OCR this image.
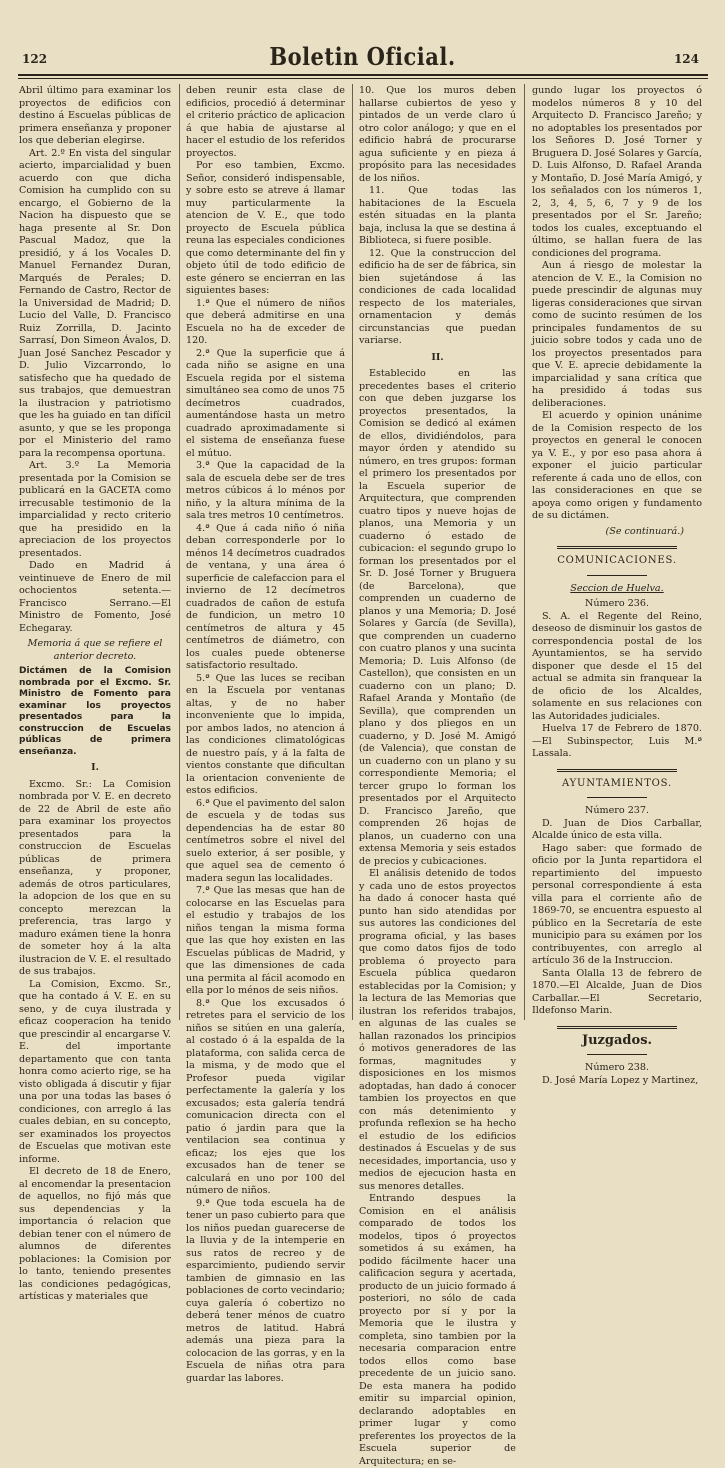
122	Boletin Oficial.	124

Abril último para examinar los proyectos de edificios con destino á Escuelas públicas de primera enseñanza y proponer los que deberian elegirse.

Art. 2.º En vista del singular acierto, imparcialidad y buen acuerdo con que dicha Comision ha cumplido con su encargo, el Gobierno de la Nacion ha dispuesto que se haga presente al Sr. Don Pascual Madoz, que la presidió, y á los Vocales D. Manuel Fernandez Duran, Marqués de Perales; D. Fernando de Castro, Rector de la Universidad de Madrid; D. Lucio del Valle, D. Francisco Ruiz Zorrilla, D. Jacinto Sarrasí, Don Simeon Ávalos, D. Juan José Sanchez Pescador y D. Julio Vizcarrondo, lo satisfecho que ha quedado de sus trabajos, que demuestran la ilustracion y patriotismo que les ha guiado en tan difícil asunto, y que se les proponga por el Ministerio del ramo para la recompensa oportuna.

Art. 3.º La Memoria presentada por la Comision se publicará en la GACETA como irrecusable testimonio de la imparcialidad y recto criterio que ha presidido en la apreciacion de los proyectos presentados.

Dado en Madrid á veintinueve de Enero de mil ochocientos setenta.—Francisco Serrano.—El Ministro de Fomento, José Echegaray.

Memoria á que se refiere el anterior decreto.

Dictámen de la Comision nombrada por el Excmo. Sr. Ministro de Fomento para examinar los proyectos presentados para la construccion de Escuelas públicas de primera enseñanza.

I.

Excmo. Sr.: La Comision nombrada por V. E. en decreto de 22 de Abril de este año para examinar los proyectos presentados para la construccion de Escuelas públicas de primera enseñanza, y proponer, además de otros particulares, la adopcion de los que en su concepto merezcan la preferencia, tras largo y maduro exámen tiene la honra de someter hoy á la alta ilustracion de V. E. el resultado de sus trabajos.

La Comision, Excmo. Sr., que ha contado á V. E. en su seno, y de cuya ilustrada y eficaz cooperacion ha tenido que prescindir al encargarse V. E. del importante departamento que con tanta honra como acierto rige, se ha visto obligada á discutir y fijar una por una todas las bases ó condiciones, con arreglo á las cuales debian, en su concepto, ser examinados los proyectos de Escuelas que motivan este informe.

El decreto de 18 de Enero, al encomendar la presentacion de aquellos, no fijó más que sus dependencias y la importancia ó relacion que debian tener con el número de alumnos de diferentes poblaciones: la Comision por lo tanto, teniendo presentes las condiciones pedagógicas, artísticas y materiales que

deben reunir esta clase de edificios, procedió á determinar el criterio práctico de aplicacion á que habia de ajustarse al hacer el estudio de los referidos proyectos.

Por eso tambien, Excmo. Señor, consideró indispensable, y sobre esto se atreve á llamar muy particularmente la atencion de V. E., que todo proyecto de Escuela pública reuna las especiales condiciones que como determinante del fin y objeto útil de todo edificio de este género se encierran en las siguientes bases:

1.ª Que el número de niños que deberá admitirse en una Escuela no ha de exceder de 120.

2.ª Que la superficie que á cada niño se asigne en una Escuela regida por el sistema simultáneo sea como de unos 75 decímetros cuadrados, aumentándose hasta un metro cuadrado aproximadamente si el sistema de enseñanza fuese el mútuo.

3.ª Que la capacidad de la sala de escuela debe ser de tres metros cúbicos á lo ménos por niño, y la altura mínima de la sala tres metros 10 centímetros.

4.ª Que á cada niño ó niña deban corresponderle por lo ménos 14 decímetros cuadrados de ventana, y una área ó superficie de calefaccion para el invierno de 12 decímetros cuadrados de cañon de estufa de fundicion, un metro 10 centímetros de altura y 45 centímetros de diámetro, con los cuales puede obtenerse satisfactorio resultado.

5.ª Que las luces se reciban en la Escuela por ventanas altas, y de no haber inconveniente que lo impida, por ambos lados, no atencion á las condiciones climatológicas de nuestro país, y á la falta de vientos constante que dificultan la orientacion conveniente de estos edificios.

6.ª Que el pavimento del salon de escuela y de todas sus dependencias ha de estar 80 centímetros sobre el nivel del suelo exterior, á ser posible, y que aquel sea de cemento ó madera segun las localidades.

7.ª Que las mesas que han de colocarse en las Escuelas para el estudio y trabajos de los niños tengan la misma forma que las que hoy existen en las Escuelas públicas de Madrid, y que las dimensiones de cada una permita al fácil acomodo en ella por lo ménos de seis niños.

8.ª Que los excusados ó retretes para el servicio de los niños se sitúen en una galería, al costado ó á la espalda de la plataforma, con salida cerca de la misma, y de modo que el Profesor pueda vigilar perfectamente la galería y los excusados; esta galería tendrá comunicacion directa con el patio ó jardin para que la ventilacion sea continua y eficaz; los ejes que los excusados han de tener se calculará en uno por 100 del número de niños.

9.ª Que toda escuela ha de tener un paso cubierto para que los niños puedan guarecerse de la lluvia y de la intemperie en sus ratos de recreo y de esparcimiento, pudiendo servir tambien de gimnasio en las poblaciones de corto vecindario; cuya galería ó cobertizo no deberá tener ménos de cuatro metros de latitud. Habrá además una pieza para la colocacion de las gorras, y en la Escuela de niñas otra para guardar las labores.

10. Que los muros deben hallarse cubiertos de yeso y pintados de un verde claro ú otro color análogo; y que en el edificio habrá de procurarse agua suficiente y en pieza á propósito para las necesidades de los niños.

11. Que todas las habitaciones de la Escuela estén situadas en la planta baja, inclusa la que se destina á Biblioteca, si fuere posible.

12. Que la construccion del edificio ha de ser de fábrica, sin bien sujetándose á las condiciones de cada localidad respecto de los materiales, ornamentacion y demás circunstancias que puedan variarse.

II.

Establecido en las precedentes bases el criterio con que deben juzgarse los proyectos presentados, la Comision se dedicó al exámen de ellos, dividiéndolos, para mayor órden y atendido su número, en tres grupos: forman el primero los presentados por la Escuela superior de Arquitectura, que comprenden cuatro tipos y nueve hojas de planos, una Memoria y un cuaderno ó estado de cubicacion: el segundo grupo lo forman los presentados por el Sr. D. José Torner y Bruguera (de Barcelona), que comprenden un cuaderno de planos y una Memoria; D. José Solares y García (de Sevilla), que comprenden un cuaderno con cuatro planos y una sucinta Memoria; D. Luis Alfonso (de Castellon), que consisten en un cuaderno con un plano; D. Rafael Aranda y Montaño (de Sevilla), que comprenden un plano y dos pliegos en un cuaderno, y D. José M. Amigó (de Valencia), que constan de un cuaderno con un plano y su correspondiente Memoria; el tercer grupo lo forman los presentados por el Arquitecto D. Francisco Jareño, que comprenden 26 hojas de planos, un cuaderno con una extensa Memoria y seis estados de precios y cubicaciones.

El análisis detenido de todos y cada uno de estos proyectos ha dado á conocer hasta qué punto han sido atendidas por sus autores las condiciones del programa oficial, y las bases que como datos fijos de todo problema ó proyecto para Escuela pública quedaron establecidas por la Comision; y la lectura de las Memorias que ilustran los referidos trabajos, en algunas de las cuales se hallan razonados los principios ó motivos generadores de las formas, magnitudes y disposiciones en los mismos adoptadas, han dado á conocer tambien los proyectos en que con más detenimiento y profunda reflexion se ha hecho el estudio de los edificios destinados á Escuelas y de sus necesidades, importancia, uso y medios de ejecucion hasta en sus menores detalles.

Entrando despues la Comision en el análisis comparado de todos los modelos, tipos ó proyectos sometidos á su exámen, ha podido fácilmente hacer una calificacion segura y acertada, producto de un juicio formado á posteriori, no sólo de cada proyecto por sí y por la Memoria que le ilustra y completa, sino tambien por la necesaria comparacion entre todos ellos como base precedente de un juicio sano. De esta manera ha podido emitir su imparcial opinion, declarando adoptables en primer lugar y como preferentes los proyectos de la Escuela superior de Arquitectura; en se-

gundo lugar los proyectos ó modelos números 8 y 10 del Arquitecto D. Francisco Jareño; y no adoptables los presentados por los Señores D. José Torner y Bruguera D. José Solares y García, D. Luis Alfonso, D. Rafael Aranda y Montaño, D. José María Amigó, y los señalados con los números 1, 2, 3, 4, 5, 6, 7 y 9 de los presentados por el Sr. Jareño; todos los cuales, exceptuando el último, se hallan fuera de las condiciones del programa.

Aun á riesgo de molestar la atencion de V. E., la Comision no puede prescindir de algunas muy ligeras consideraciones que sirvan como de sucinto resúmen de los principales fundamentos de su juicio sobre todos y cada uno de los proyectos presentados para que V. E. aprecie debidamente la imparcialidad y sana crítica que ha presidido á todas sus deliberaciones.

El acuerdo y opinion unánime de la Comision respecto de los proyectos en general le conocen ya V. E., y por eso pasa ahora á exponer el juicio particular referente á cada uno de ellos, con las consideraciones en que se apoya como origen y fundamento de su dictámen.

(Se continuará.)

COMUNICACIONES.

Seccion de Huelva.

Número 236.

S. A. el Regente del Reino, deseoso de disminuir los gastos de correspondencia postal de los Ayuntamientos, se ha servido disponer que desde el 15 del actual se admita sin franquear la de oficio de los Alcaldes, solamente en sus relaciones con las Autoridades judiciales.

Huelva 17 de Febrero de 1870. —El Subinspector, Luis M.ª Lassala.

AYUNTAMIENTOS.

Número 237.

D. Juan de Dios Carballar, Alcalde único de esta villa.

Hago saber: que formado de oficio por la Junta repartidora el repartimiento del impuesto personal correspondiente á esta villa para el corriente año de 1869-70, se encuentra espuesto al público en la Secretaría de este municipio para su exámen por los contribuyentes, con arreglo al artículo 36 de la Instruccion.

Santa Olalla 13 de febrero de 1870.—El Alcalde, Juan de Dios Carballar.—El Secretario, Ildefonso Marin.

Juzgados.

Número 238.

D. José María Lopez y Martinez,
